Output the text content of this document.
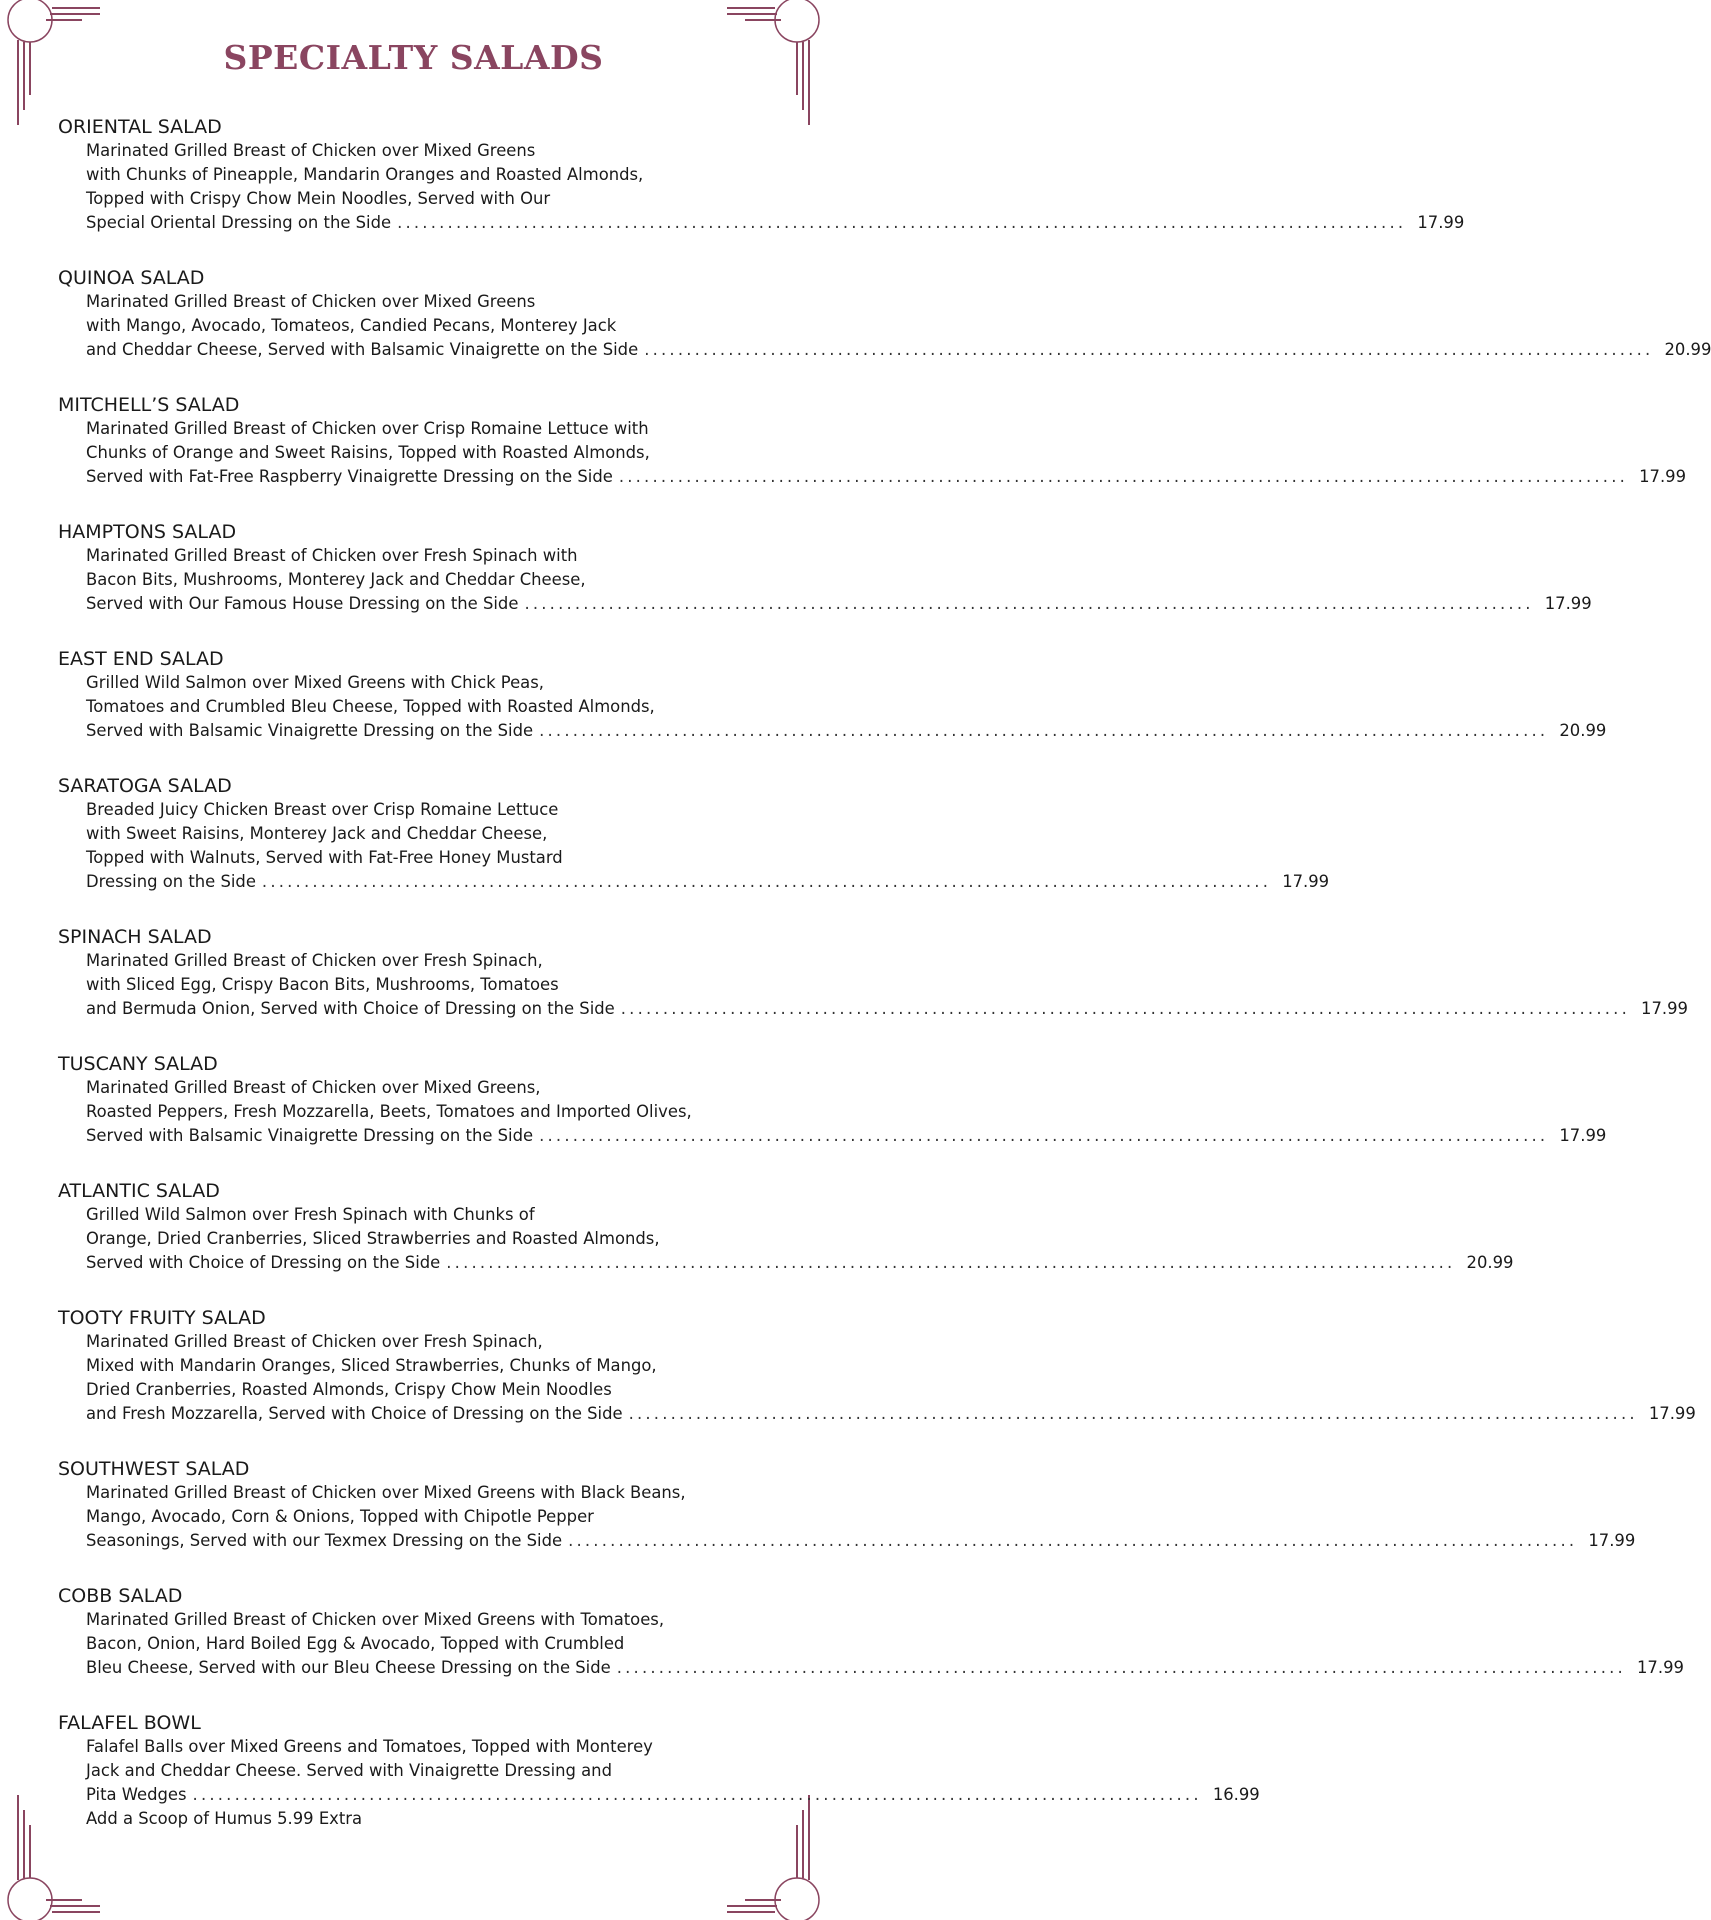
SPECIALTY SALADS
ORIENTAL SALAD
Marinated Grilled Breast of Chicken over Mixed Greens
with Chunks of Pineapple, Mandarin Oranges and Roasted Almonds,
Topped with Crispy Chow Mein Noodles, Served with Our
Special Oriental Dressing on the Side ........................................................................................................................ 17.99
QUINOA SALAD
Marinated Grilled Breast of Chicken over Mixed Greens
with Mango, Avocado, Tomateos, Candied Pecans, Monterey Jack
and Cheddar Cheese, Served with Balsamic Vinaigrette on the Side ........................................................................................................................ 20.99
MITCHELL’S SALAD
Marinated Grilled Breast of Chicken over Crisp Romaine Lettuce with
Chunks of Orange and Sweet Raisins, Topped with Roasted Almonds,
Served with Fat-Free Raspberry Vinaigrette Dressing on the Side ........................................................................................................................ 17.99
HAMPTONS SALAD
Marinated Grilled Breast of Chicken over Fresh Spinach with
Bacon Bits, Mushrooms, Monterey Jack and Cheddar Cheese,
Served with Our Famous House Dressing on the Side ........................................................................................................................ 17.99
EAST END SALAD
Grilled Wild Salmon over Mixed Greens with Chick Peas,
Tomatoes and Crumbled Bleu Cheese, Topped with Roasted Almonds,
Served with Balsamic Vinaigrette Dressing on the Side ........................................................................................................................ 20.99
SARATOGA SALAD
Breaded Juicy Chicken Breast over Crisp Romaine Lettuce
with Sweet Raisins, Monterey Jack and Cheddar Cheese,
Topped with Walnuts, Served with Fat-Free Honey Mustard
Dressing on the Side ........................................................................................................................ 17.99
SPINACH SALAD
Marinated Grilled Breast of Chicken over Fresh Spinach,
with Sliced Egg, Crispy Bacon Bits, Mushrooms, Tomatoes
and Bermuda Onion, Served with Choice of Dressing on the Side ........................................................................................................................ 17.99
TUSCANY SALAD
Marinated Grilled Breast of Chicken over Mixed Greens,
Roasted Peppers, Fresh Mozzarella, Beets, Tomatoes and Imported Olives,
Served with Balsamic Vinaigrette Dressing on the Side ........................................................................................................................ 17.99
ATLANTIC SALAD
Grilled Wild Salmon over Fresh Spinach with Chunks of
Orange, Dried Cranberries, Sliced Strawberries and Roasted Almonds,
Served with Choice of Dressing on the Side ........................................................................................................................ 20.99
TOOTY FRUITY SALAD
Marinated Grilled Breast of Chicken over Fresh Spinach,
Mixed with Mandarin Oranges, Sliced Strawberries, Chunks of Mango,
Dried Cranberries, Roasted Almonds, Crispy Chow Mein Noodles
and Fresh Mozzarella, Served with Choice of Dressing on the Side ........................................................................................................................ 17.99
SOUTHWEST SALAD
Marinated Grilled Breast of Chicken over Mixed Greens with Black Beans,
Mango, Avocado, Corn & Onions, Topped with Chipotle Pepper
Seasonings, Served with our Texmex Dressing on the Side ........................................................................................................................ 17.99
COBB SALAD
Marinated Grilled Breast of Chicken over Mixed Greens with Tomatoes,
Bacon, Onion, Hard Boiled Egg & Avocado, Topped with Crumbled
Bleu Cheese, Served with our Bleu Cheese Dressing on the Side ........................................................................................................................ 17.99
FALAFEL BOWL
Falafel Balls over Mixed Greens and Tomatoes, Topped with Monterey
Jack and Cheddar Cheese. Served with Vinaigrette Dressing and
Pita Wedges ........................................................................................................................ 16.99
Add a Scoop of Humus 5.99 Extra
